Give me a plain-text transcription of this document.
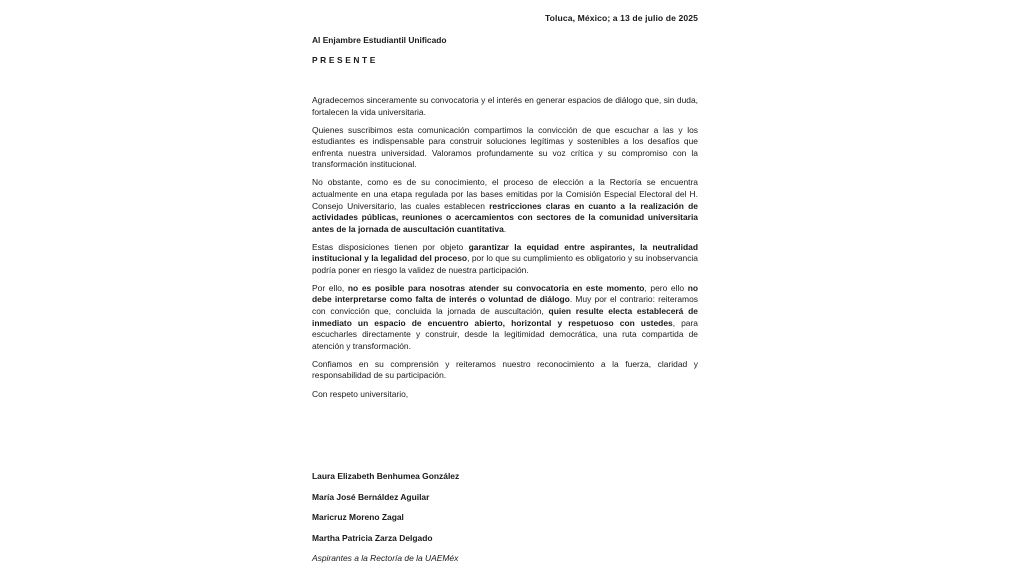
Toluca, México; a 13 de julio de 2025
Al Enjambre Estudiantil Unificado
PRESENTE

Agradecemos sinceramente su convocatoria y el interés en generar espacios de diálogo que, sin duda, fortalecen la vida universitaria.

Quienes suscribimos esta comunicación compartimos la convicción de que escuchar a las y los estudiantes es indispensable para construir soluciones legítimas y sostenibles a los desafíos que enfrenta nuestra universidad. Valoramos profundamente su voz crítica y su compromiso con la transformación institucional.

No obstante, como es de su conocimiento, el proceso de elección a la Rectoría se encuentra actualmente en una etapa regulada por las bases emitidas por la Comisión Especial Electoral del H. Consejo Universitario, las cuales establecen restricciones claras en cuanto a la realización de actividades públicas, reuniones o acercamientos con sectores de la comunidad universitaria antes de la jornada de auscultación cuantitativa.

Estas disposiciones tienen por objeto garantizar la equidad entre aspirantes, la neutralidad institucional y la legalidad del proceso, por lo que su cumplimiento es obligatorio y su inobservancia podría poner en riesgo la validez de nuestra participación.

Por ello, no es posible para nosotras atender su convocatoria en este momento, pero ello no debe interpretarse como falta de interés o voluntad de diálogo. Muy por el contrario: reiteramos con convicción que, concluida la jornada de auscultación, quien resulte electa establecerá de inmediato un espacio de encuentro abierto, horizontal y respetuoso con ustedes, para escucharles directamente y construir, desde la legitimidad democrática, una ruta compartida de atención y transformación.

Confiamos en su comprensión y reiteramos nuestro reconocimiento a la fuerza, claridad y responsabilidad de su participación.

Con respeto universitario,

Laura Elizabeth Benhumea González
María José Bernáldez Aguilar
Maricruz Moreno Zagal
Martha Patricia Zarza Delgado
Aspirantes a la Rectoría de la UAEMéx
